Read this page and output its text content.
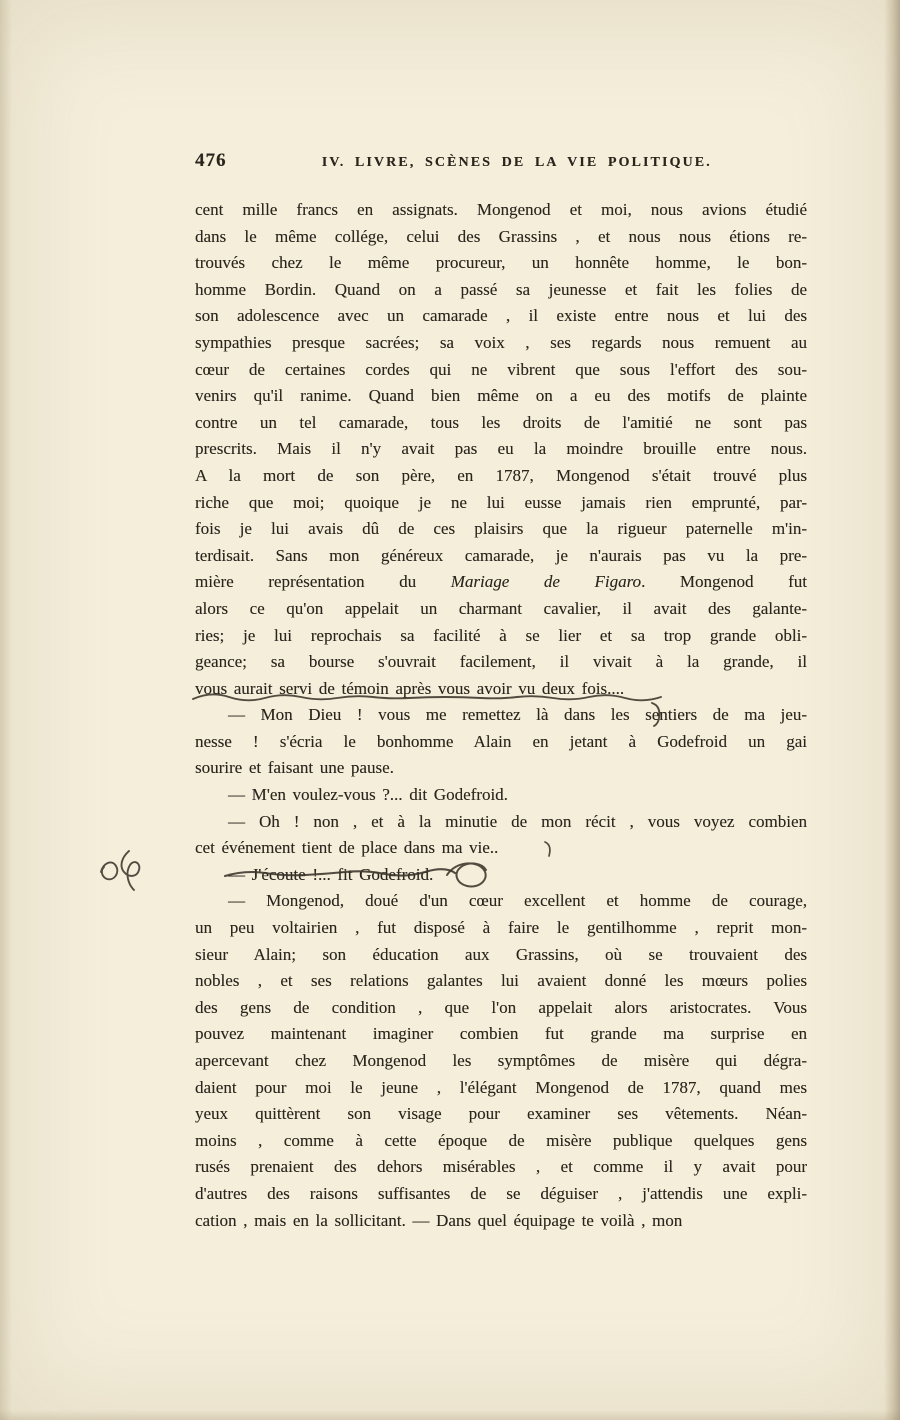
476	IV. LIVRE, SCÈNES DE LA VIE POLITIQUE.
cent mille francs en assignats. Mongenod et moi, nous avions étudié
dans le même collége, celui des Grassins , et nous nous étions re-
trouvés chez le même procureur, un honnête homme, le bon-
homme Bordin. Quand on a passé sa jeunesse et fait les folies de
son adolescence avec un camarade , il existe entre nous et lui des
sympathies presque sacrées; sa voix , ses regards nous remuent au
cœur de certaines cordes qui ne vibrent que sous l'effort des sou-
venirs qu'il ranime. Quand bien même on a eu des motifs de plainte
contre un tel camarade, tous les droits de l'amitié ne sont pas
prescrits. Mais il n'y avait pas eu la moindre brouille entre nous.
A la mort de son père, en 1787, Mongenod s'était trouvé plus
riche que moi; quoique je ne lui eusse jamais rien emprunté, par-
fois je lui avais dû de ces plaisirs que la rigueur paternelle m'in-
terdisait. Sans mon généreux camarade, je n'aurais pas vu la pre-
mière représentation du Mariage de Figaro. Mongenod fut
alors ce qu'on appelait un charmant cavalier, il avait des galante-
ries; je lui reprochais sa facilité à se lier et sa trop grande obli-
geance; sa bourse s'ouvrait facilement, il vivait à la grande, il
vous aurait servi de témoin après vous avoir vu deux fois....
— Mon Dieu ! vous me remettez là dans les sentiers de ma jeu-
nesse ! s'écria le bonhomme Alain en jetant à Godefroid un gai
sourire et faisant une pause.
— M'en voulez-vous ?... dit Godefroid.
— Oh ! non , et à la minutie de mon récit , vous voyez combien
cet événement tient de place dans ma vie..
— J'écoute !... fit Godefroid.
— Mongenod, doué d'un cœur excellent et homme de courage,
un peu voltairien , fut disposé à faire le gentilhomme , reprit mon-
sieur Alain; son éducation aux Grassins, où se trouvaient des
nobles , et ses relations galantes lui avaient donné les mœurs polies
des gens de condition , que l'on appelait alors aristocrates. Vous
pouvez maintenant imaginer combien fut grande ma surprise en
apercevant chez Mongenod les symptômes de misère qui dégra-
daient pour moi le jeune , l'élégant Mongenod de 1787, quand mes
yeux quittèrent son visage pour examiner ses vêtements. Néan-
moins , comme à cette époque de misère publique quelques gens
rusés prenaient des dehors misérables , et comme il y avait pour
d'autres des raisons suffisantes de se déguiser , j'attendis une expli-
cation , mais en la sollicitant. — Dans quel équipage te voilà , mon
